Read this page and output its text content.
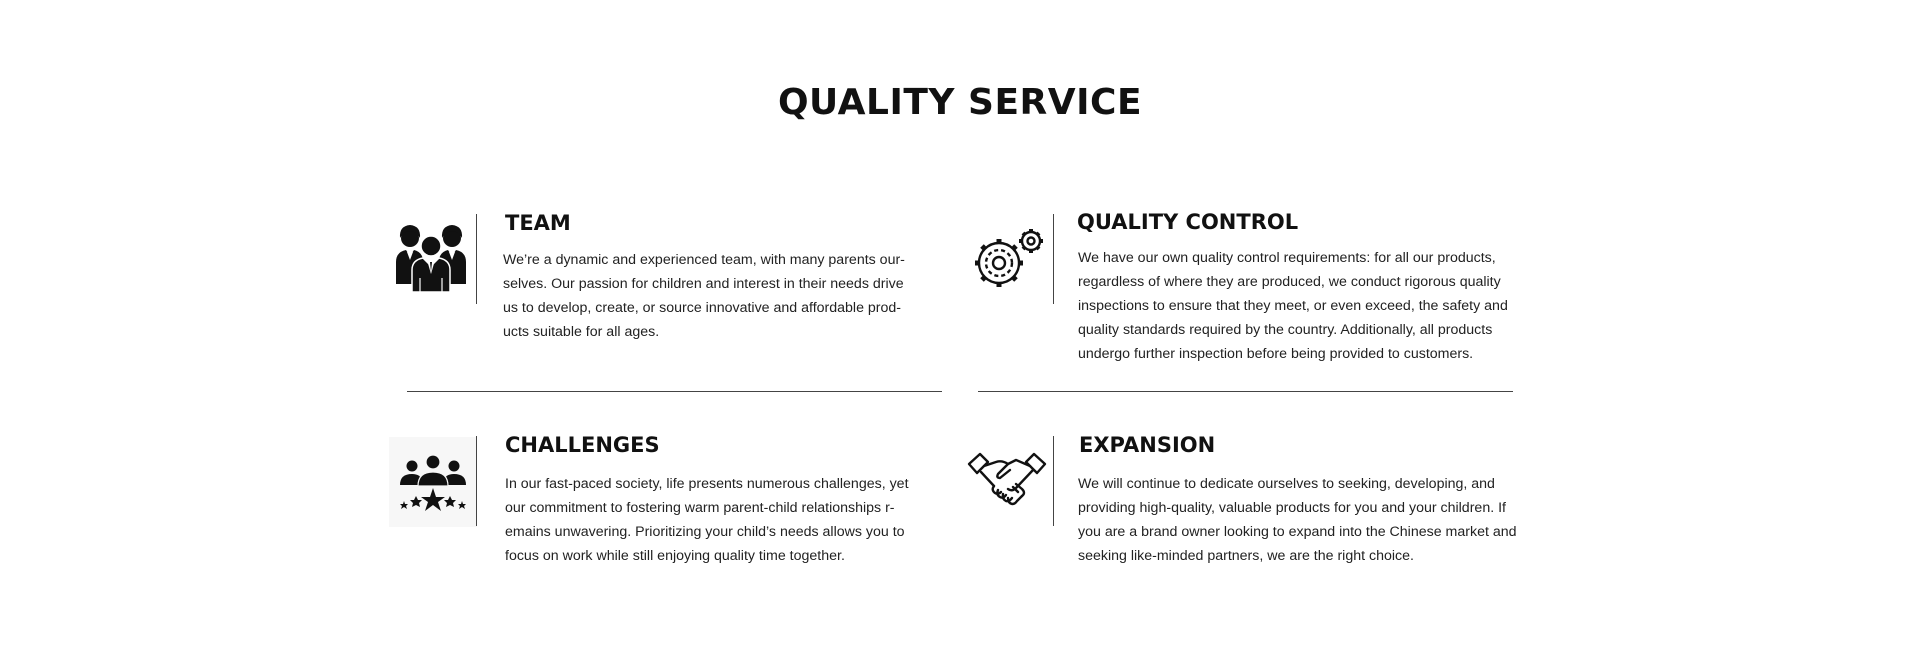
QUALITY SERVICE
TEAM

We’re a dynamic and experienced team, with many parents our-selves. Our passion for children and interest in their needs drive us to develop, create, or source innovative and affordable prod-ucts suitable for all ages.

QUALITY CONTROL

We have our own quality control requirements: for all our products, regardless of where they are produced, we conduct rigorous quality inspections to ensure that they meet, or even exceed, the safety and quality standards required by the country. Additionally, all products undergo further inspection before being provided to customers.

CHALLENGES

In our fast-paced society, life presents numerous challenges, yet our commitment to fostering warm parent-child relationships r-emains unwavering. Prioritizing your child’s needs allows you to focus on work while still enjoying quality time together.

EXPANSION

We will continue to dedicate ourselves to seeking, developing, and providing high-quality, valuable products for you and your children. If you are a brand owner looking to expand into the Chinese market and seeking like-minded partners, we are the right choice.
